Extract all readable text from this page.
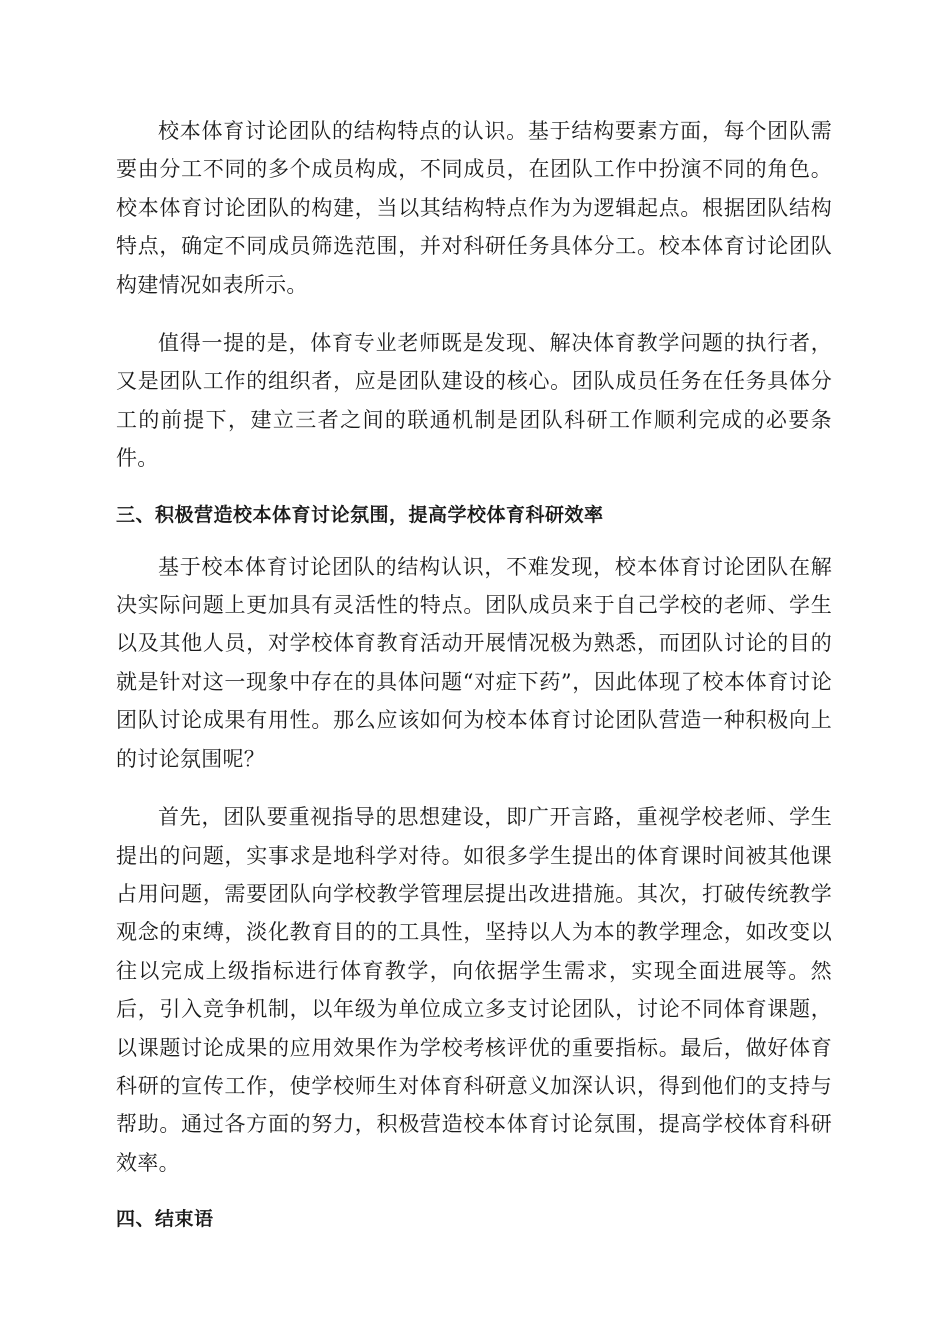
校本体育讨论团队的结构特点的认识。基于结构要素方面，每个团队需要由分工不同的多个成员构成，不同成员，在团队工作中扮演不同的角色。校本体育讨论团队的构建，当以其结构特点作为为逻辑起点。根据团队结构特点，确定不同成员筛选范围，并对科研任务具体分工。校本体育讨论团队构建情况如表所示。

值得一提的是，体育专业老师既是发现、解决体育教学问题的执行者，又是团队工作的组织者，应是团队建设的核心。团队成员任务在任务具体分工的前提下，建立三者之间的联通机制是团队科研工作顺利完成的必要条件。

三、积极营造校本体育讨论氛围，提高学校体育科研效率

基于校本体育讨论团队的结构认识，不难发现，校本体育讨论团队在解决实际问题上更加具有灵活性的特点。团队成员来于自己学校的老师、学生以及其他人员，对学校体育教育活动开展情况极为熟悉，而团队讨论的目的就是针对这一现象中存在的具体问题“对症下药”，因此体现了校本体育讨论团队讨论成果有用性。那么应该如何为校本体育讨论团队营造一种积极向上的讨论氛围呢？

首先，团队要重视指导的思想建设，即广开言路，重视学校老师、学生提出的问题，实事求是地科学对待。如很多学生提出的体育课时间被其他课占用问题，需要团队向学校教学管理层提出改进措施。其次，打破传统教学观念的束缚，淡化教育目的的工具性，坚持以人为本的教学理念，如改变以往以完成上级指标进行体育教学，向依据学生需求，实现全面进展等。然后，引入竞争机制，以年级为单位成立多支讨论团队，讨论不同体育课题，以课题讨论成果的应用效果作为学校考核评优的重要指标。最后，做好体育科研的宣传工作，使学校师生对体育科研意义加深认识，得到他们的支持与帮助。通过各方面的努力，积极营造校本体育讨论氛围，提高学校体育科研效率。

四、结束语
